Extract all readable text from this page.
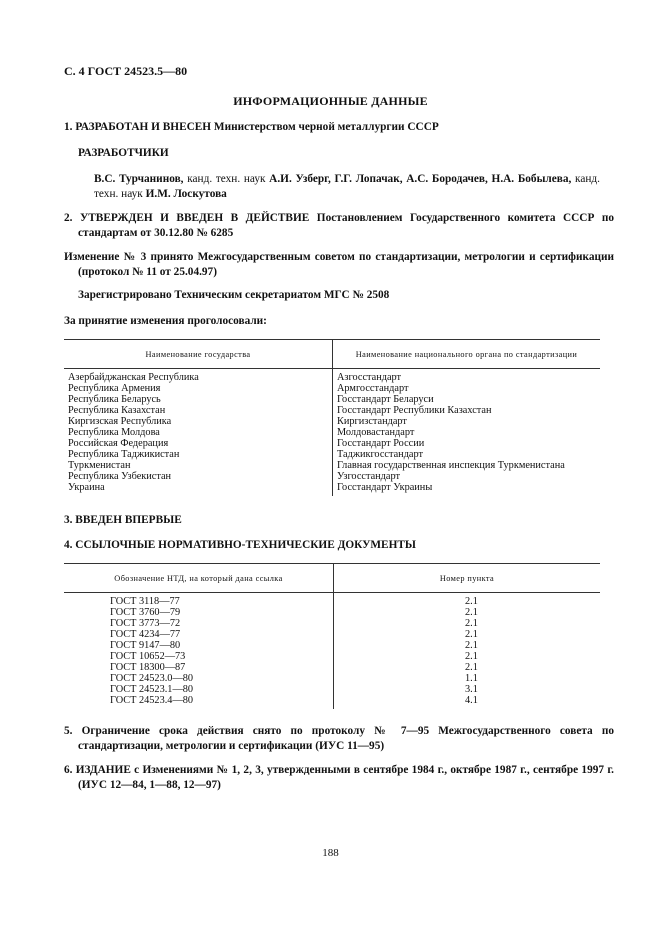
С. 4 ГОСТ 24523.5—80
ИНФОРМАЦИОННЫЕ ДАННЫЕ
1. РАЗРАБОТАН И ВНЕСЕН Министерством черной металлургии СССР
РАЗРАБОТЧИКИ
В.С. Турчанинов, канд. техн. наук А.И. Узберг, Г.Г. Лопачак, А.С. Бородачев, Н.А. Бобылева, канд. техн. наук И.М. Лоскутова
2. УТВЕРЖДЕН И ВВЕДЕН В ДЕЙСТВИЕ Постановлением Государственного комитета СССР по стандартам от 30.12.80 № 6285
Изменение № 3 принято Межгосударственным советом по стандартизации, метрологии и сертификации (протокол № 11 от 25.04.97)
Зарегистрировано Техническим секретариатом МГС № 2508
За принятие изменения проголосовали:
Наименование государства	Наименование национального органа по стандартизации
Азербайджанская Республика	Азгосстандарт
Республика Армения	Армгосстандарт
Республика Беларусь	Госстандарт Беларуси
Республика Казахстан	Госстандарт Республики Казахстан
Киргизская Республика	Киргизстандарт
Республика Молдова	Молдовастандарт
Российская Федерация	Госстандарт России
Республика Таджикистан	Таджикгосстандарт
Туркменистан	Главная государственная инспекция Туркменистана
Республика Узбекистан	Узгосстандарт
Украина	Госстандарт Украины
3. ВВЕДЕН ВПЕРВЫЕ
4. ССЫЛОЧНЫЕ НОРМАТИВНО-ТЕХНИЧЕСКИЕ ДОКУМЕНТЫ
Обозначение НТД, на который дана ссылка	Номер пункта
ГОСТ 3118—77	2.1
ГОСТ 3760—79	2.1
ГОСТ 3773—72	2.1
ГОСТ 4234—77	2.1
ГОСТ 9147—80	2.1
ГОСТ 10652—73	2.1
ГОСТ 18300—87	2.1
ГОСТ 24523.0—80	1.1
ГОСТ 24523.1—80	3.1
ГОСТ 24523.4—80	4.1
5. Ограничение срока действия снято по протоколу № 7—95 Межгосударственного совета по стандартизации, метрологии и сертификации (ИУС 11—95)
6. ИЗДАНИЕ с Изменениями № 1, 2, 3, утвержденными в сентябре 1984 г., октябре 1987 г., сентябре 1997 г. (ИУС 12—84, 1—88, 12—97)
188
